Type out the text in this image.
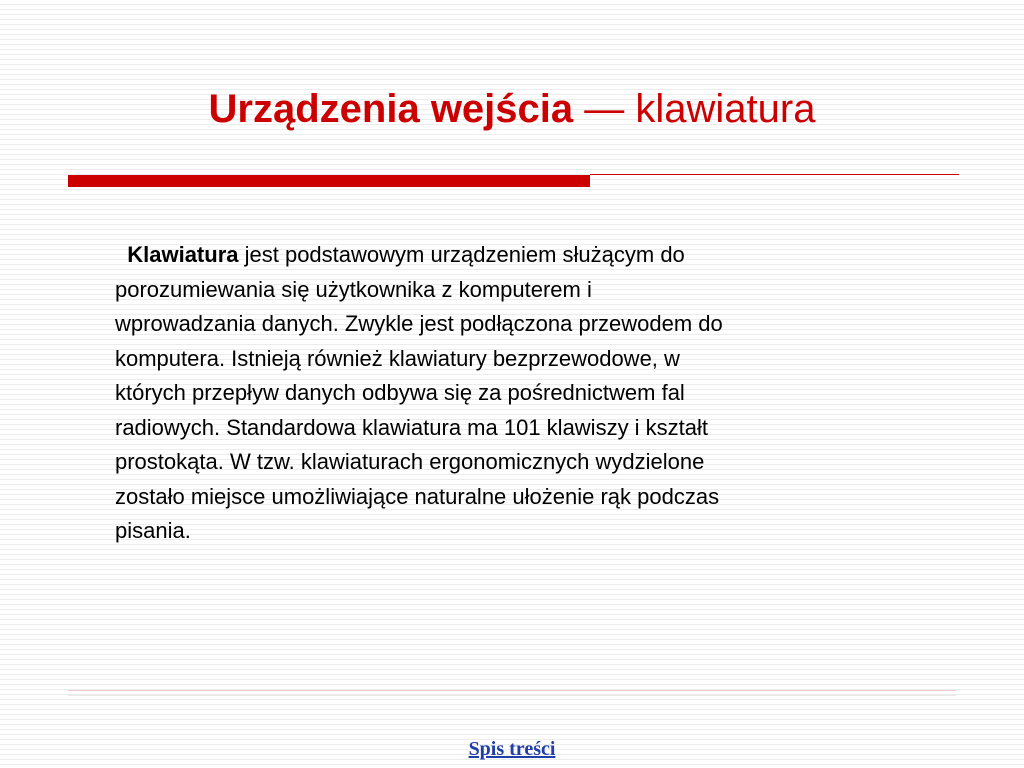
Urządzenia wejścia — klawiatura
Klawiatura jest podstawowym urządzeniem służącym do
porozumiewania się użytkownika z komputerem i
wprowadzania danych. Zwykle jest podłączona przewodem do
komputera. Istnieją również klawiatury bezprzewodowe, w
których przepływ danych odbywa się za pośrednictwem fal
radiowych. Standardowa klawiatura ma 101 klawiszy i kształt
prostokąta. W tzw. klawiaturach ergonomicznych wydzielone
zostało miejsce umożliwiające naturalne ułożenie rąk podczas
pisania.
Spis treści
